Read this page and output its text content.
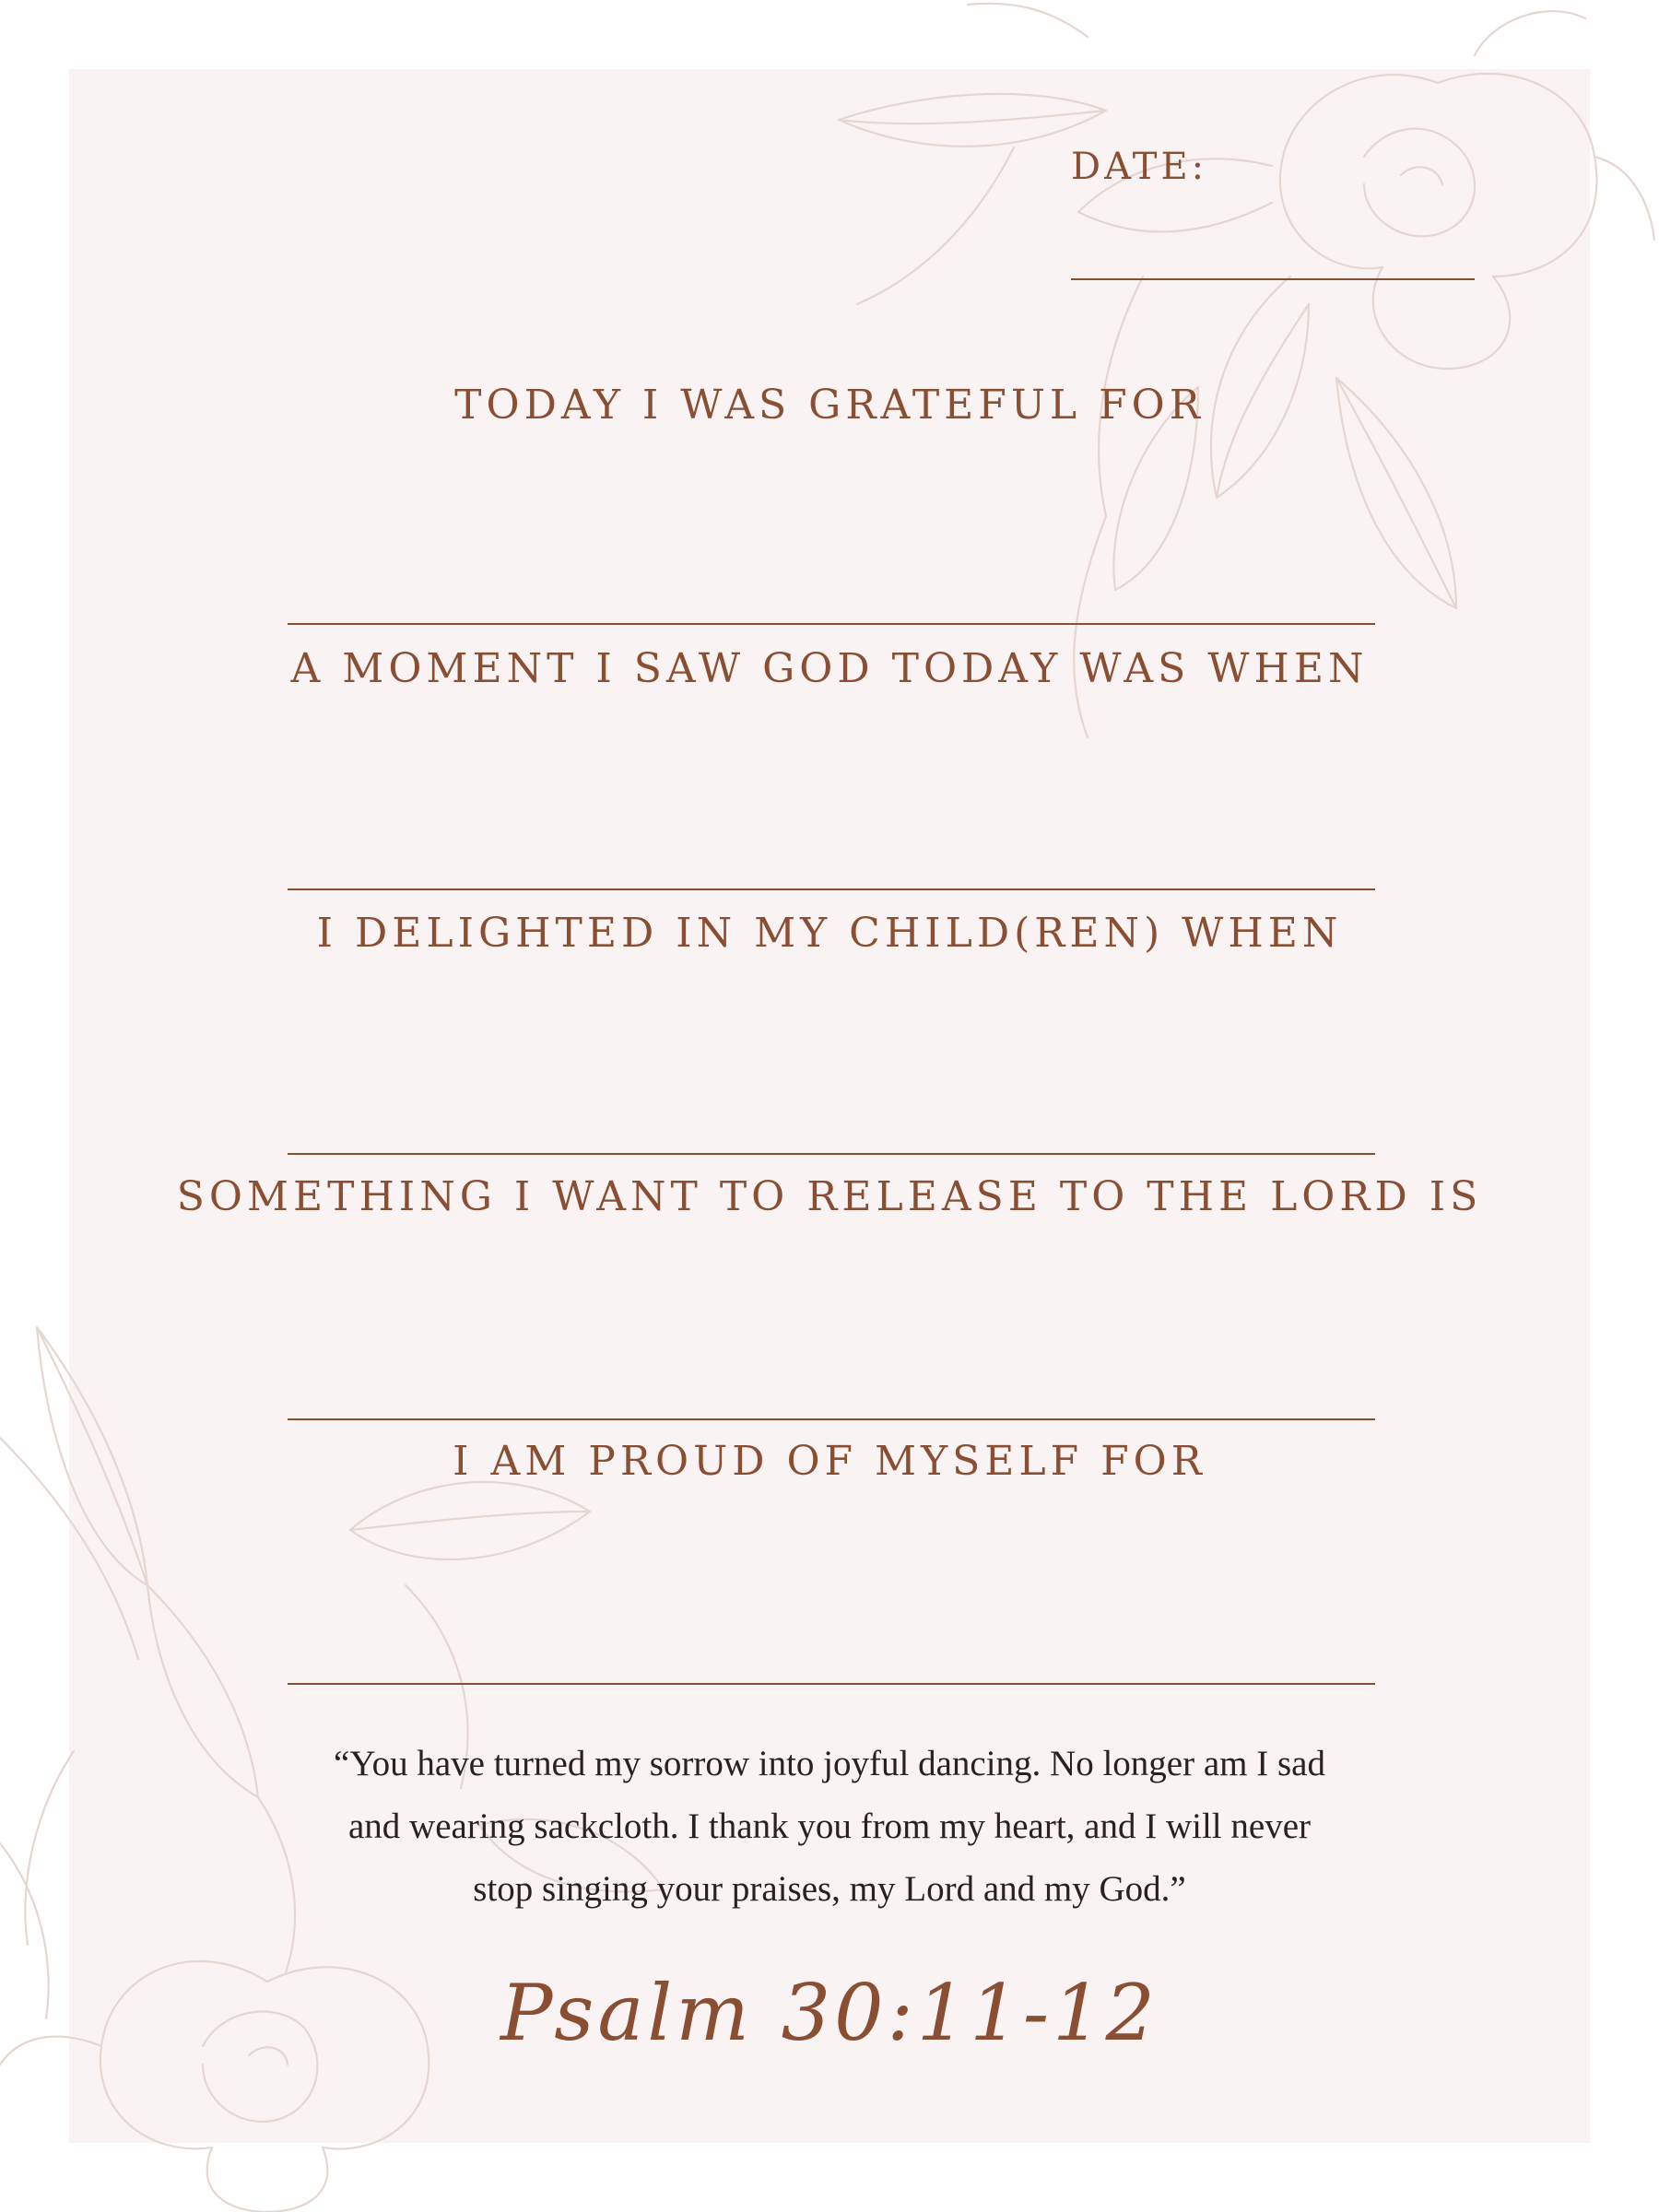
DATE:
TODAY I WAS GRATEFUL FOR
A MOMENT I SAW GOD TODAY WAS WHEN
I DELIGHTED IN MY CHILD(REN) WHEN
SOMETHING I WANT TO RELEASE TO THE LORD IS
I AM PROUD OF MYSELF FOR
“You have turned my sorrow into joyful dancing. No longer am I sad
and wearing sackcloth. I thank you from my heart, and I will never
stop singing your praises, my Lord and my God.”
Psalm 30:11-12
